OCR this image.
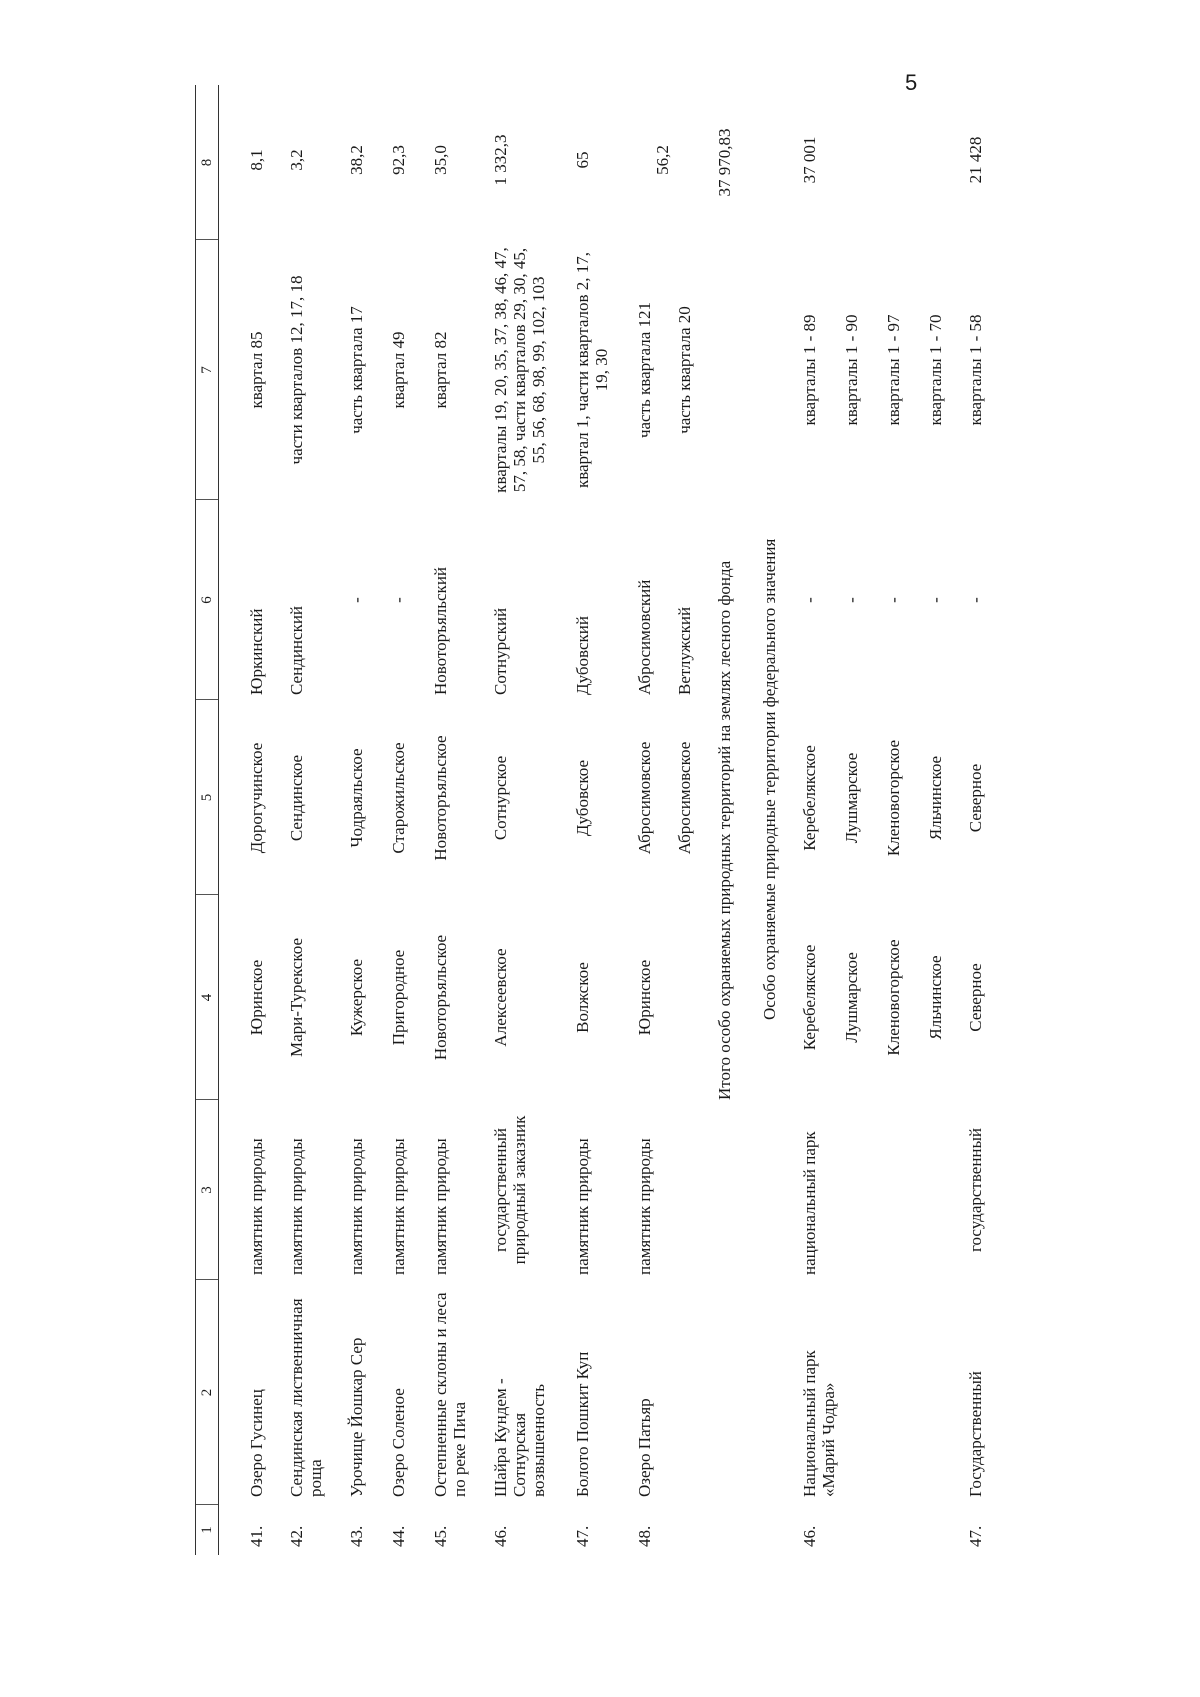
5
1
2
3
4
5
6
7
8
41.
Озеро Гусинец
памятник природы
Юринское
Дорогучинское
Юркинский
квартал 85
8,1
42.
Сендинская лиственничная роща
памятник природы
Мари-Турекское
Сендинское
Сендинский
части кварталов 12, 17, 18
3,2
43.
Урочище Йошкар Сер
памятник природы
Кужерское
Чодраяльское
-
часть квартала 17
38,2
44.
Озеро Соленое
памятник природы
Пригородное
Старожильское
-
квартал 49
92,3
45.
Остепненные склоны и леса по реке Пича
памятник природы
Новоторъяльское
Новоторъяльское
Новоторъяльский
квартал 82
35,0
46.
Шайра Кундем - Сотнурская возвышенность
государственный природный заказник
Алексеевское
Сотнурское
Сотнурский
кварталы 19, 20, 35, 37, 38, 46, 47, 57, 58, части кварталов 29, 30, 45, 55, 56, 68, 98, 99, 102, 103
1 332,3
47.
Болото Пошкит Куп
памятник природы
Волжское
Дубовское
Дубовский
квартал 1, части кварталов 2, 17, 19, 30
65
48.
Озеро Патьяр
памятник природы
Юринское
Абросимовское
Абросимовский
часть квартала 121
56,2
Абросимовское
Ветлужский
часть квартала 20
Итого особо охраняемых природных территорий на землях лесного фонда
37 970,83
Особо охраняемые природные территории федерального значения
46.
Национальный парк «Марий Чодра»
национальный парк
Керебелякское
Керебелякское
-
кварталы 1 - 89
37 001
Лушмарское
Лушмарское
-
кварталы 1 - 90
Кленовогорское
Кленовогорское
-
кварталы 1 - 97
Яльчинское
Яльчинское
-
кварталы 1 - 70
47.
Государственный
государственный
Северное
Северное
-
кварталы 1 - 58
21 428
